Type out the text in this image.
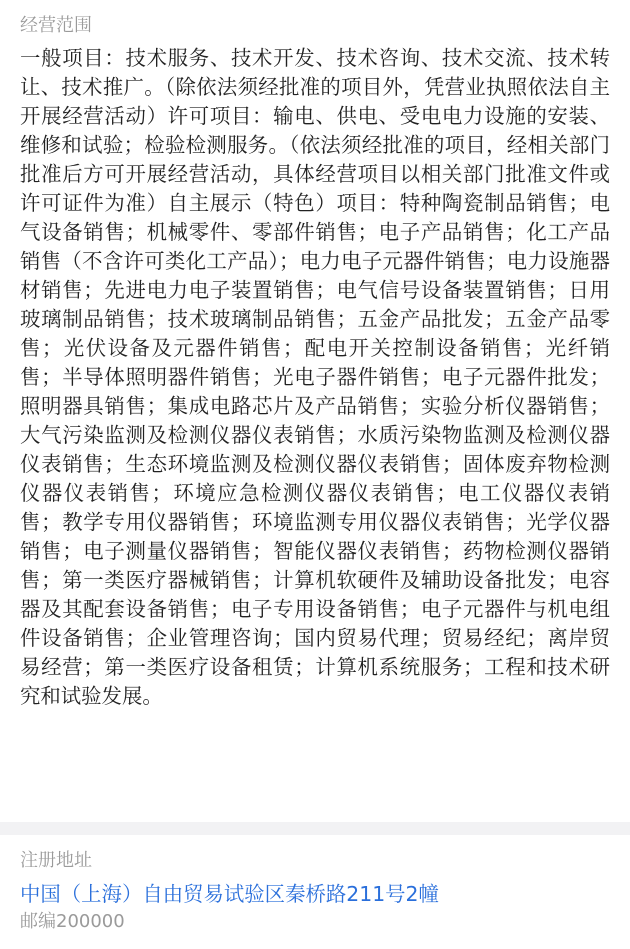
经营范围
一般项目：技术服务、技术开发、技术咨询、技术交流、技术转让、技术推广。（除依法须经批准的项目外，凭营业执照依法自主开展经营活动）许可项目：输电、供电、受电电力设施的安装、维修和试验；检验检测服务。（依法须经批准的项目，经相关部门批准后方可开展经营活动，具体经营项目以相关部门批准文件或许可证件为准）自主展示（特色）项目：特种陶瓷制品销售；电气设备销售；机械零件、零部件销售；电子产品销售；化工产品销售（不含许可类化工产品）；电力电子元器件销售；电力设施器材销售；先进电力电子装置销售；电气信号设备装置销售；日用玻璃制品销售；技术玻璃制品销售；五金产品批发；五金产品零售；光伏设备及元器件销售；配电开关控制设备销售；光纤销售；半导体照明器件销售；光电子器件销售；电子元器件批发；照明器具销售；集成电路芯片及产品销售；实验分析仪器销售；大气污染监测及检测仪器仪表销售；水质污染物监测及检测仪器仪表销售；生态环境监测及检测仪器仪表销售；固体废弃物检测仪器仪表销售；环境应急检测仪器仪表销售；电工仪器仪表销售；教学专用仪器销售；环境监测专用仪器仪表销售；光学仪器销售；电子测量仪器销售；智能仪器仪表销售；药物检测仪器销售；第一类医疗器械销售；计算机软硬件及辅助设备批发；电容器及其配套设备销售；电子专用设备销售；电子元器件与机电组件设备销售；企业管理咨询；国内贸易代理；贸易经纪；离岸贸易经营；第一类医疗设备租赁；计算机系统服务；工程和技术研究和试验发展。
注册地址
中国（上海）自由贸易试验区秦桥路211号2幢
邮编200000
